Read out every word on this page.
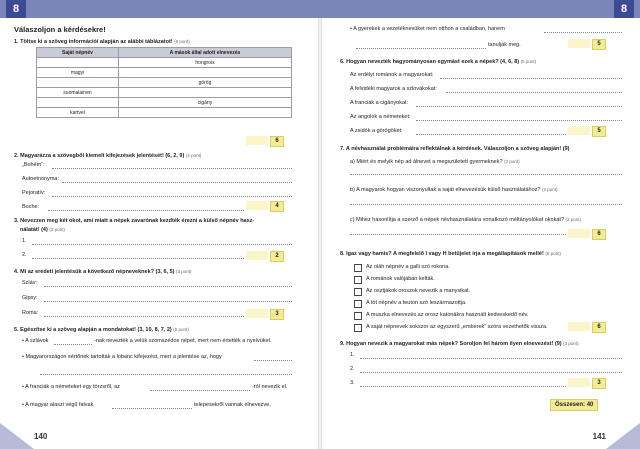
8
Válaszoljon a kérdésekre!
1. Töltse ki a szöveg információi alapján az alábbi táblázatot! (6 pont)
Saját népnév	A mások által adott elnevezés
	hongrois
magyi	
	görög
suomalainen	
	cigány
kartvel	
6
2. Magyarázza a szövegből kiemelt kifejezések jelentését! (6, 2, 9) (4 pont)
„Bohém”:
Autoetnonyma:
Pejoratív:
Boche:	4
3. Nevezzen meg két okot, ami miatt a népek zavarónak kezdték érezni a külső népnév hasz-
nálatát! (4) (2 pont)
1.
2.	2
4. Mi az eredeti jelentésük a következő népneveknek? (3, 6, 5) (3 pont)
Szláv:
Gipsy:
Roma:	3
5. Egészítse ki a szöveg alapján a mondatokat! (3, 10, 8, 7, 2) (5 pont)
• A szlávok	-nak nevezték a velük szomszédos népet, mert nem értették a nyelvüket.
• Magyarországon sértőnek tartották a lobanc kifejezést, mert a jelentése az, hogy
• A franciák a németeket egy törzsről, az	-ról nevezik el.
• A magyar alaszi végű falvak	telepesekről vannak elnevezve.
140
8
• A gyerekek a vezetéknevüket nem otthon a családban, hanem
tanulják meg.	5
6. Hogyan nevezték hagyományosan egymást ezek a népek? (4, 6, 8) (5 pont)
Az erdélyi románok a magyarokat:
A felvidéki magyarok a szlovákokat:
A franciák a cigányokat:
Az angolok a németeket:
A zsidók a görögöket:	5
7. A névhasználat problémáira reflektálnak a kérdések. Válaszoljon a szöveg alapján! (9)
a) Miért és melyik nép ad álnevet a megszületett gyermeknek? (2 pont)
b) A magyarok hogyan viszonyultak a saját elnevezésük külső használatához? (2 pont)
c) Mihez hasonlítja a szerző a népek névhasználatára vonatkozó méltányolókat okokat? (2 pont)
6
8. Igaz vagy hamis? A megfelelő I vagy H betűjelet írja a megállapítások mellé! (6 pont)
Az oláh népnév a galli szó rokona.
A románok valójában kelták.
Az osztjákok oroszok nevezik a manysikat.
A tót népnév a teuton szó leszármazottja.
A muszka elnevezés az orosz katonákra használt kedveskedő név.
A saját népnevek sokszor az egyszerű „emberek” szóra vezethetők vissza.	6
9. Hogyan nevezik a magyarokat más népek? Soroljon fel három ilyen elnevezést! (9) (3 pont)
1.
2.
3.	3
Összesen: 40
141
